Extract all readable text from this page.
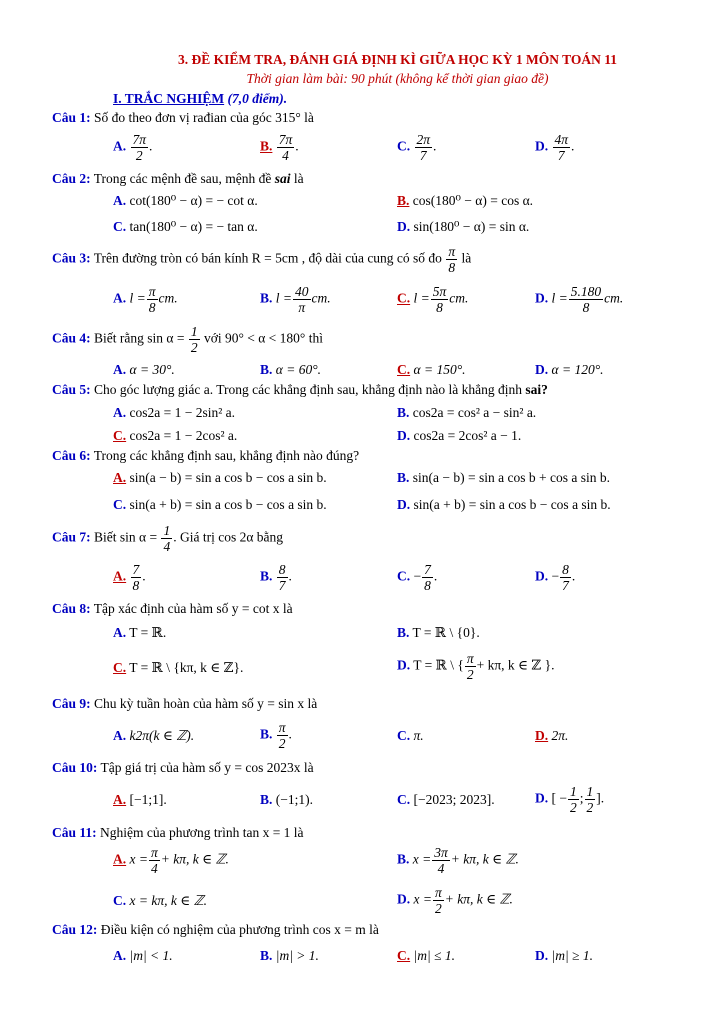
3. ĐỀ KIỂM TRA, ĐÁNH GIÁ ĐỊNH KÌ GIỮA HỌC KỲ 1 MÔN TOÁN 11
Thời gian làm bài: 90 phút (không kể thời gian giao đề)
I. TRẮC NGHIỆM (7,0 điểm).
Câu 1: Số đo theo đơn vị rađian của góc 315° là
A. $\frac{7\pi}{2}$ .	B. $\frac{7\pi}{4}$ .	C. $\frac{2\pi}{7}$ .	D. $\frac{4\pi}{7}$ .
Câu 2: Trong các mệnh đề sau, mệnh đề sai là
A. cot(180⁰ − α) = − cot α.	B. cos(180⁰ − α) = cos α.
C. tan(180⁰ − α) = − tan α.	D. sin(180⁰ − α) = sin α.
Câu 3: Trên đường tròn có bán kính R = 5cm , độ dài của cung có số đo $\frac{\pi}{8}$ là
A. $l = \frac{\pi}{8}$ cm.	B. $l = \frac{40}{\pi}$ cm.	C. $l = \frac{5\pi}{8}$ cm.	D. $l = \frac{5.180}{8}$ cm.
Câu 4: Biết rằng $\sin \alpha = \frac{1}{2}$ với 90° < α < 180° thì
A. α = 30°.	B. α = 60°.	C. α = 150°.	D. α = 120°.
Câu 5: Cho góc lượng giác a. Trong các khẳng định sau, khẳng định nào là khẳng định sai?
A. cos2a = 1 − 2sin² a.	B. cos2a = cos² a − sin² a.
C. cos2a = 1 − 2cos² a.	D. cos2a = 2cos² a − 1.
Câu 6: Trong các khẳng định sau, khẳng định nào đúng?
A. sin(a − b) = sin a cos b − cos a sin b.	B. sin(a − b) = sin a cos b + cos a sin b.
C. sin(a + b) = sin a cos b − cos a sin b.	D. sin(a + b) = sin a cos b − cos a sin b.
Câu 7: Biết $\sin \alpha = \frac{1}{4}$ . Giá trị cos 2α bằng
A. $\frac{7}{8}$ .	B. $\frac{8}{7}$ .	C. − $\frac{7}{8}$ .	D. − $\frac{8}{7}$ .
Câu 8: Tập xác định của hàm số y = cot x là
A. T = ℝ.	B. T = ℝ \ {0}.
C. T = ℝ \ {kπ, k ∈ ℤ}.	D. T = ℝ \ { $\frac{\pi}{2} + k\pi$, k ∈ ℤ }.
Câu 9: Chu kỳ tuần hoàn của hàm số y = sin x là
A. k2π(k ∈ ℤ).	B. $\frac{\pi}{2}$ .	C. π.	D. 2π.
Câu 10: Tập giá trị của hàm số y = cos 2023x là
A. [−1;1].	B. (−1;1).	C. [−2023; 2023].	D. [ − $\frac{1}{2}$ ; $\frac{1}{2}$ ].
Câu 11: Nghiệm của phương trình tan x = 1 là
A. $x = \frac{\pi}{4} + k\pi$, k ∈ ℤ.	B. $x = \frac{3\pi}{4} + k\pi$, k ∈ ℤ.
C. x = kπ, k ∈ ℤ.	D. $x = \frac{\pi}{2} + k\pi$, k ∈ ℤ.
Câu 12: Điều kiện có nghiệm của phương trình cos x = m là
A. |m| < 1.	B. |m| > 1.	C. |m| ≤ 1.	D. |m| ≥ 1.
